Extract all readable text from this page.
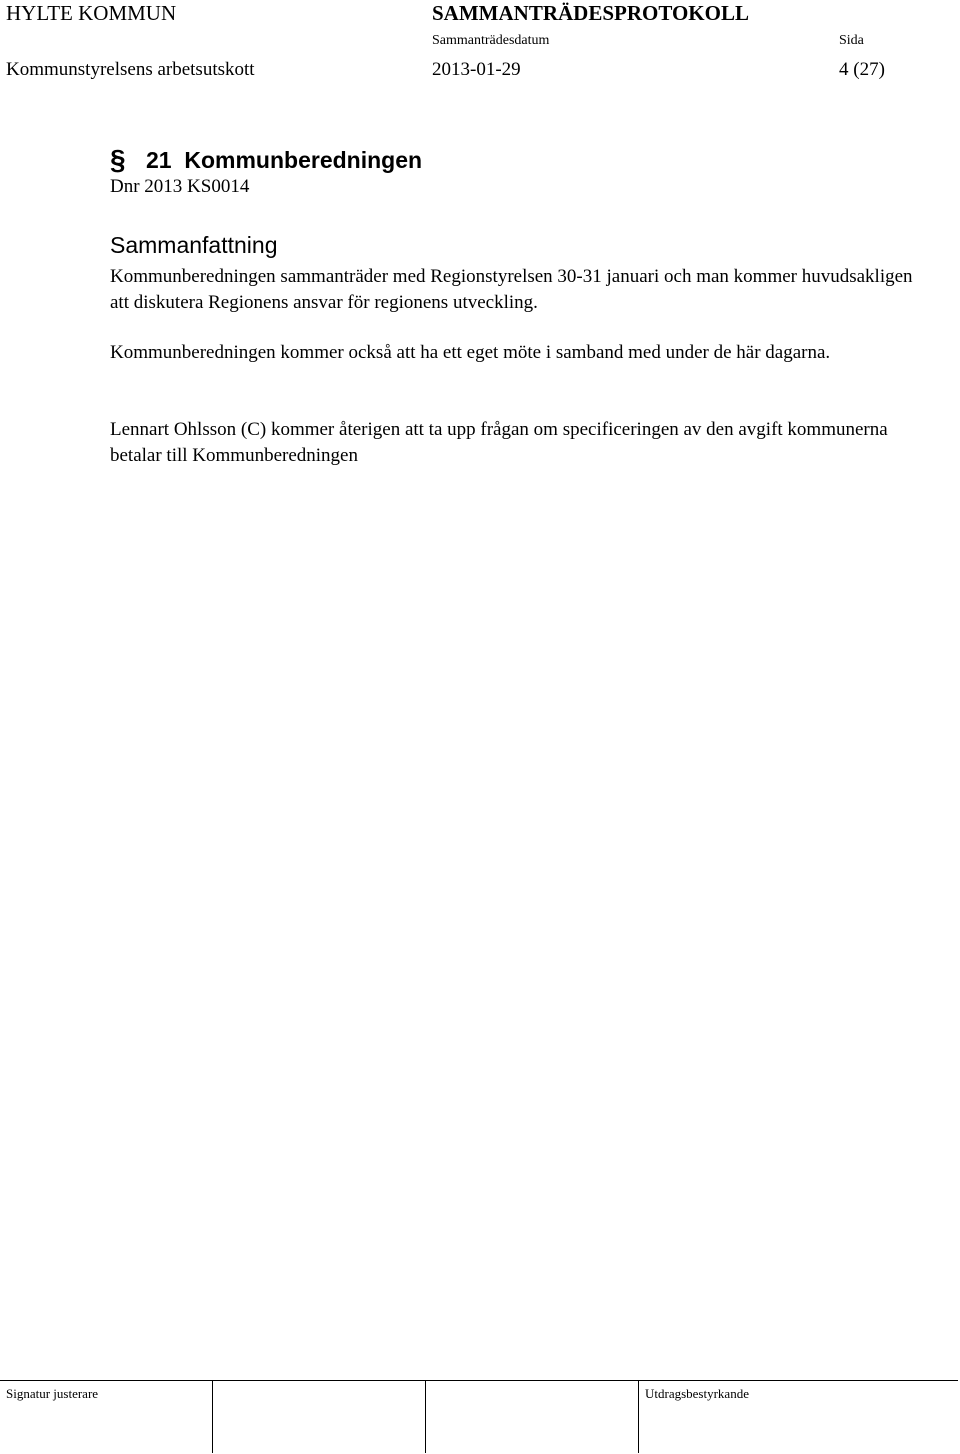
HYLTE KOMMUN	SAMMANTRÄDESPROTOKOLL
Sammanträdesdatum	Sida
Kommunstyrelsens arbetsutskott	2013-01-29	4 (27)
§ 21  Kommunberedningen
Dnr 2013 KS0014
Sammanfattning
Kommunberedningen sammanträder med Regionstyrelsen 30-31 januari och man kommer huvudsakligen att diskutera Regionens ansvar för regionens utveckling.
Kommunberedningen kommer också att ha ett eget möte i samband med under de här dagarna.
Lennart Ohlsson (C) kommer återigen att ta upp frågan om specificeringen av den avgift kommunerna betalar till Kommunberedningen
Signatur justerare	Utdragsbestyrkande
